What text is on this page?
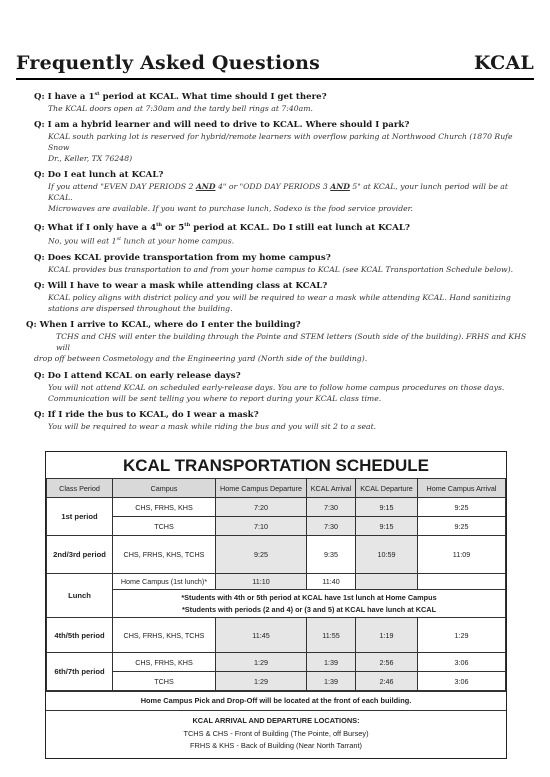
Frequently Asked Questions	KCAL
Q: I have a 1st period at KCAL. What time should I get there?
The KCAL doors open at 7:30am and the tardy bell rings at 7:40am.
Q: I am a hybrid learner and will need to drive to KCAL. Where should I park?
KCAL south parking lot is reserved for hybrid/remote learners with overflow parking at Northwood Church (1870 Rufe Snow
Dr., Keller, TX 76248)
Q: Do I eat lunch at KCAL?
If you attend "EVEN DAY PERIODS 2 AND 4" or "ODD DAY PERIODS 3 AND 5" at KCAL, your lunch period will be at KCAL.
Microwaves are available. If you want to purchase lunch, Sodexo is the food service provider.
Q: What if I only have a 4th or 5th period at KCAL. Do I still eat lunch at KCAL?
No, you will eat 1st lunch at your home campus.
Q: Does KCAL provide transportation from my home campus?
KCAL provides bus transportation to and from your home campus to KCAL (see KCAL Transportation Schedule below).
Q: Will I have to wear a mask while attending class at KCAL?
KCAL policy aligns with district policy and you will be required to wear a mask while attending KCAL. Hand sanitizing
stations are dispersed throughout the building.
Q: When I arrive to KCAL, where do I enter the building?
TCHS and CHS will enter the building through the Pointe and STEM letters (South side of the building). FRHS and KHS will
drop off between Cosmetology and the Engineering yard (North side of the building).
Q: Do I attend KCAL on early release days?
You will not attend KCAL on scheduled early-release days. You are to follow home campus procedures on those days.
Communication will be sent telling you where to report during your KCAL class time.
Q: If I ride the bus to KCAL, do I wear a mask?
You will be required to wear a mask while riding the bus and you will sit 2 to a seat.
KCAL TRANSPORTATION SCHEDULE
Class Period	Campus	Home Campus Departure	KCAL Arrival	KCAL Departure	Home Campus Arrival
1st period	CHS, FRHS, KHS	7:20	7:30	9:15	9:25
	TCHS	7:10	7:30	9:15	9:25
2nd/3rd period	CHS, FRHS, KHS, TCHS	9:25	9:35	10:59	11:09
Lunch	Home Campus (1st lunch)*	11:10	11:40		

	*Students with 4th or 5th period at KCAL have 1st lunch at Home Campus
*Students with periods (2 and 4) or (3 and 5) at KCAL have lunch at KCAL				

4th/5th period	CHS, FRHS, KHS, TCHS	11:45	11:55	1:19	1:29
6th/7th period	CHS, FRHS, KHS	1:29	1:39	2:56	3:06
	TCHS	1:29	1:39	2:46	3:06
Home Campus Pick and Drop-Off will be located at the front of each building.
KCAL ARRIVAL AND DEPARTURE LOCATIONS:
TCHS & CHS - Front of Building (The Pointe, off Bursey)
FRHS & KHS - Back of Building (Near North Tarrant)
